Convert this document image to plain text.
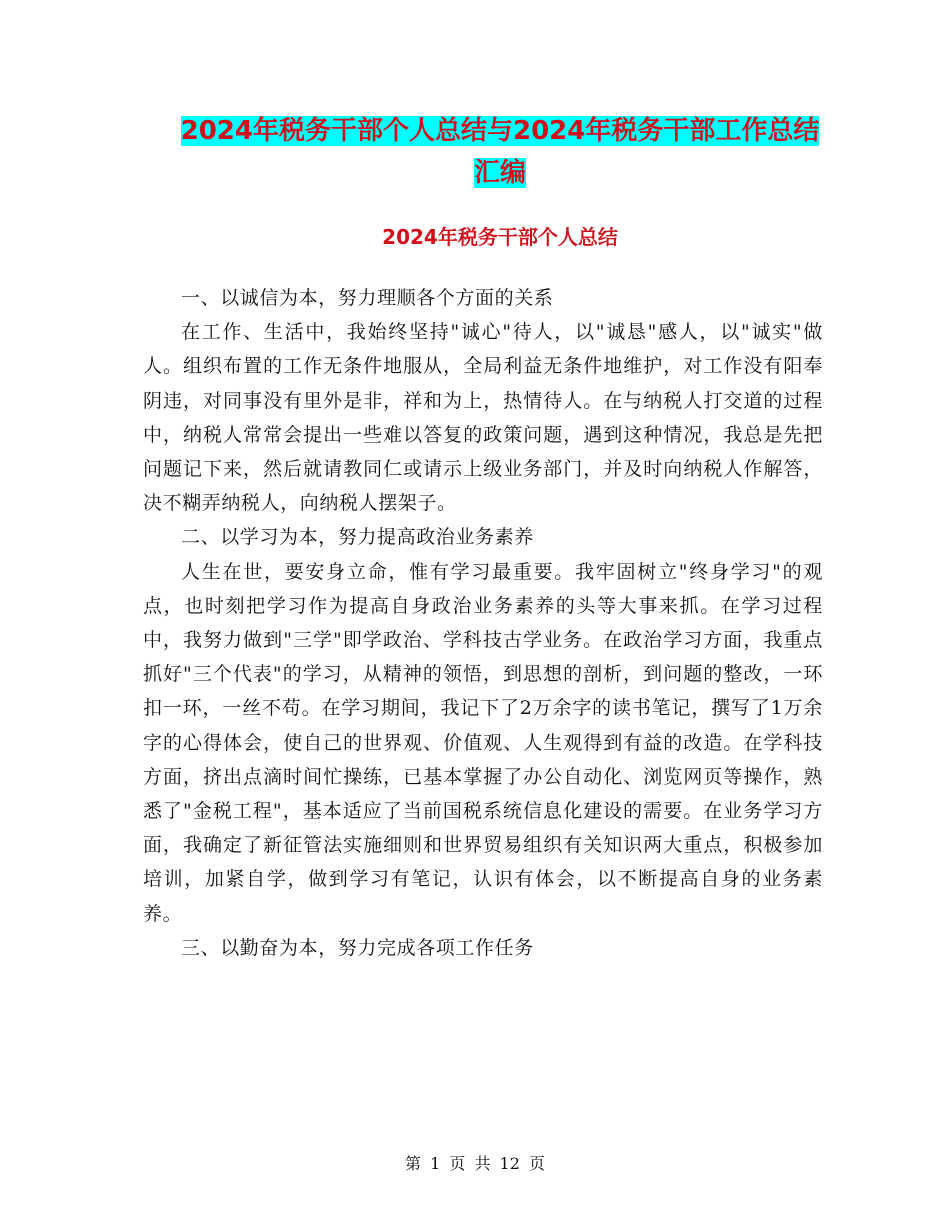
2024年税务干部个人总结与2024年税务干部工作总结
汇编
2024年税务干部个人总结

一、以诚信为本，努力理顺各个方面的关系

在工作、生活中，我始终坚持"诚心"待人，以"诚恳"感人，以"诚实"做人。组织布置的工作无条件地服从，全局利益无条件地维护，对工作没有阳奉阴违，对同事没有里外是非，祥和为上，热情待人。在与纳税人打交道的过程中，纳税人常常会提出一些难以答复的政策问题，遇到这种情况，我总是先把问题记下来，然后就请教同仁或请示上级业务部门，并及时向纳税人作解答，决不糊弄纳税人，向纳税人摆架子。

二、以学习为本，努力提高政治业务素养

人生在世，要安身立命，惟有学习最重要。我牢固树立"终身学习"的观点，也时刻把学习作为提高自身政治业务素养的头等大事来抓。在学习过程中，我努力做到"三学"即学政治、学科技古学业务。在政治学习方面，我重点抓好"三个代表"的学习，从精神的领悟，到思想的剖析，到问题的整改，一环扣一环，一丝不苟。在学习期间，我记下了2万余字的读书笔记，撰写了1万余字的心得体会，使自己的世界观、价值观、人生观得到有益的改造。在学科技方面，挤出点滴时间忙操练，已基本掌握了办公自动化、浏览网页等操作，熟悉了"金税工程"，基本适应了当前国税系统信息化建设的需要。在业务学习方面，我确定了新征管法实施细则和世界贸易组织有关知识两大重点，积极参加培训，加紧自学，做到学习有笔记，认识有体会，以不断提高自身的业务素养。

三、以勤奋为本，努力完成各项工作任务

第 1 页 共 12 页
